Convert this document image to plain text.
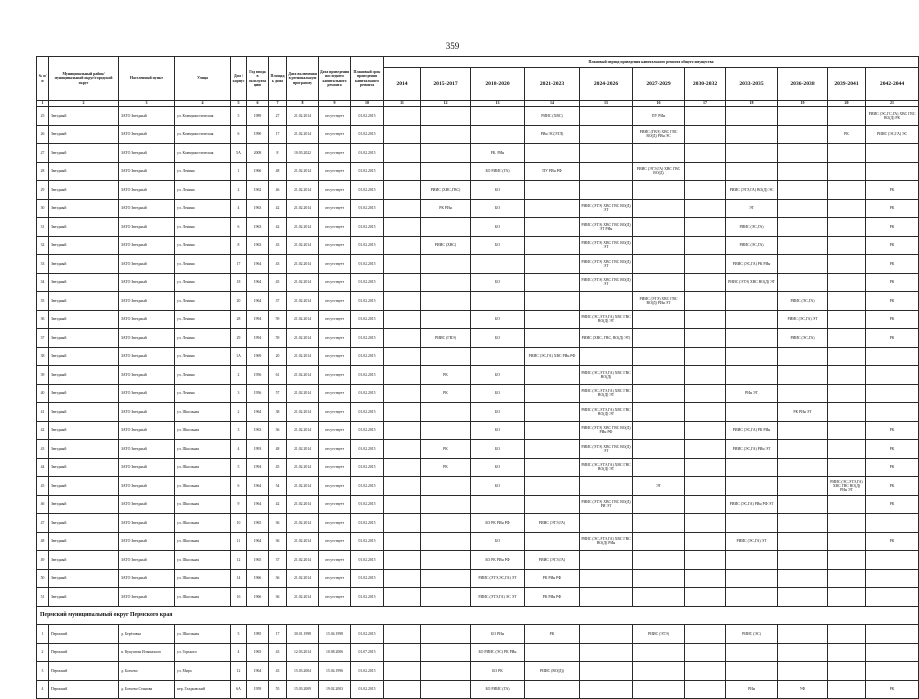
359
№ п/п	Муниципальный район/муниципальный округ/городской округ	Населенный пункт	Улица	Дом / корпус	Год ввода в эксплуатацию	Площадь дома	Дата включения в региональную программу	Дата проведения последнего капитального ремонта	Плановый срок проведения капитального ремонта	Плановый период проведения капитального ремонта общего имущества										
										2014	2015-2017	2018-2020	2021-2023	2024-2026	2027-2029	2030-2032	2033-2035	2036-2038	2039-2041	2042-2044
1	2	3	4	5	6	7	8	9	10	11	12	13	14	15	16	17	18	19	20	21
25	Звездный	ЗАТО Звездный	ул. Коммунистическая	5	1989	27	21.02.2014	отсутствует	01.02.2015				РИИС (ХВС)		ПУ РИн					РИИС (ЭС,ГС,ГА) ХВС ГВС ВО(Д) РК
26	Звездный	ЗАТО Звездный	ул. Коммунистическая	6	1990	17	21.02.2014	отсутствует	01.02.2015				РИн ЭС(ЭТЛ)		РИИС (ГВЭ) ХВС ГВС ВО(Д) РИн ЭС				РК	РИИС (ЭС,ГА) ЭС
27	Звездный	ЗАТО Звездный	ул. Коммунистическая	5А	2008	8	10.03.2022	отсутствует	01.02.2015			РК. РИн								
28	Звездный	ЗАТО Звездный	ул. Ленина	1	1966	48	21.02.2014	отсутствует	01.02.2015			БО РИИС (ГА)	ПУ РИн РФ		РИИС (ЭТЭ,ГА) ХВС ГВС ВО(Д)					
29	Звездный	ЗАТО Звездный	ул. Ленина	2	1962	46	21.02.2014	отсутствует	01.02.2015		РИИС (ХВС,ГВС)	БО					РИИС (ЭТЭ,ГА) ВО(Д) ЭС			РК
30	Звездный	ЗАТО Звездный	ул. Ленина	4	1963	42	21.02.2014	отсутствует	01.02.2015		РК РИн	БО		РИИС (ЭТЭ) ХВС ГВС ВО(Д) ЭТ			ЭТ			РК
31	Звездный	ЗАТО Звездный	ул. Ленина	6	1963	42	21.02.2014	отсутствует	01.02.2015			БО		РИИС (ЭТЭ) ХВС ГВС ВО(Д) ЭТ РИн			РИИС (ЭС,ГА)			РК
32	Звездный	ЗАТО Звездный	ул. Ленина	8	1963	43	21.02.2014	отсутствует	01.02.2015		РИИС (ХВС)	БО		РИИС (ЭТЭ) ХВС ГВС ВО(Д) ЭТ			РИИС (ЭС,ГА)			РК
33	Звездный	ЗАТО Звездный	ул. Ленина	17	1964	43	21.02.2014	отсутствует	01.02.2015					РИИС (ЭТЭ) ХВС ГВС ВО(Д) ЭТ			РИИС (ЭС,ГА) РК РИн			РК
34	Звездный	ЗАТО Звездный	ул. Ленина	18	1964	45	21.02.2014	отсутствует	01.02.2015			БО		РИИС (ЭТЭ) ХВС ГВС ВО(Д) ЭТ			РИИС (ЭТЭ) ХВС ВО(Д) ЭТ			РК
35	Звездный	ЗАТО Звездный	ул. Ленина	20	1964	37	21.02.2014	отсутствует	01.02.2015						РИИС (ЭТЭ) ХВС ГВС ВО(Д) РИн ЭТ			РИИС (ЭС,ГА)		РК
36	Звездный	ЗАТО Звездный	ул. Ленина	28	1994	59	21.02.2014	отсутствует	01.02.2015			БО		РИИС (ЭС,ЭТЭ,ГА) ХВС ГВС ВО(Д) ЭТ				РИИС (ЭС,ГА) ЭТ		РК
37	Звездный	ЗАТО Звездный	ул. Ленина	29	1994	59	21.02.2014	отсутствует	01.02.2015		РИИС (ГВЭ)	БО		РИИС (ХВС, ГВС, ВО(Д) ЭТ)				РИИС (ЭС,ГА)		РК
38	Звездный	ЗАТО Звездный	ул. Ленина	1А	1969	20	21.02.2014	отсутствует	01.02.2015				РИИС (ЭС,ГА) ХВС РИн РФ							
39	Звездный	ЗАТО Звездный	ул. Ленина	2	1956	61	21.02.2014	отсутствует	01.02.2015		РК	БО		РИИС (ЭС,ЭТЭ,ГА) ХВС ГВС ВО(Д)						
40	Звездный	ЗАТО Звездный	ул. Ленина	3	1956	57	21.02.2014	отсутствует	01.02.2015		РК	БО		РИИС (ЭС,ЭТЭ,ГА) ХВС ГВС ВО(Д) ЭТ			РИн ЭТ			
41	Звездный	ЗАТО Звездный	ул. Школьная	2	1964	38	21.02.2014	отсутствует	01.02.2015			БО		РИИС (ЭС,ЭТЭ,ГА) ХВС ГВС ВО(Д) ЭТ				РК РИн ЭТ		
42	Звездный	ЗАТО Звездный	ул. Школьная	3	1963	36	21.02.2014	отсутствует	01.02.2015			БО		РИИС (ЭТЭ) ХВС ГВС ВО(Д) РИн РФ			РИИС (ЭС,ГА) РК РИн			РК
43	Звездный	ЗАТО Звездный	ул. Школьная	4	1993	48	21.02.2014	отсутствует	01.02.2015		РК	БО		РИИС (ЭТЭ) ХВС ГВС ВО(Д) ЭТ			РИИС (ЭС,ГА) РИн ЭТ			РК
44	Звездный	ЗАТО Звездный	ул. Школьная	5	1994	45	21.02.2014	отсутствует	01.02.2015		РК	БО		РИИС (ЭС,ЭТЭ,ГА) ХВС ГВС ВО(Д) ЭТ						РК
45	Звездный	ЗАТО Звездный	ул. Школьная	6	1964	54	21.02.2014	отсутствует	01.02.2015			БО			ЭТ				РИИС (ЭС,ЭТЭ,ГА) ХВС ГВС ВО(Д) РИн ЭТ	РК
46	Звездный	ЗАТО Звездный	ул. Школьная	9	1964	42	21.02.2014	отсутствует	01.02.2015					РИИС (ЭТЭ) ХВС ГВС ВО(Д) РИ ЭТ			РИИС (ЭС,ГА) РИн РФ ЭТ			РК
47	Звездный	ЗАТО Звездный	ул. Школьная	10	1965	36	21.02.2014	отсутствует	01.02.2015			БО РК РИн РФ	РИИС (ЭТЭ,ГА)							
48	Звездный	ЗАТО Звездный	ул. Школьная	11	1964	36	21.02.2014	отсутствует	01.02.2015			БО		РИИС (ЭС,ЭТЭ,ГА) ХВС ГВС ВО(Д) РИн			РИИС (ЭС,ГА) ЭТ			РК
49	Звездный	ЗАТО Звездный	ул. Школьная	12	1965	37	21.02.2014	отсутствует	01.02.2015			БО РК РИн РФ	РИИС (ЭТЭ,ГА)							
50	Звездный	ЗАТО Звездный	ул. Школьная	14	1966	36	21.02.2014	отсутствует	01.02.2015			РИИС (ЭТЭ,ЭС,ГА) ЭТ	РК РИн РФ							
51	Звездный	ЗАТО Звездный	ул. Школьная	16	1966	36	21.02.2014	отсутствует	01.02.2015			РИИС (ЭТЭ,ГА) ЭС ЭТ	РК РИн РФ							
Пермский муниципальный округ Пермского края																				
1	Пермский	д. Берёзовка	ул. Школьная	5	1985	17	30.01.1998	15.04.1998	01.02.2015			БО РИн	РК		РИИС (ЭТЭ)		РИИС (ЭС)			
2	Пермский	п. Кукуштан Ильинского	ул. Горького	4	1965	43	12.03.2014	10.08.2006	01.07.2015			БО РИИС (ЭС) РК РИн								
3	Пермский	д. Ботьево	ул. Мира	12	1964	43	15.03.2004	15.04.1996	01.02.2015			БО РК	РИИС (ВО(Д))							
4	Пермский	д. Ботьево Сеннова	пер. Гладковский	6А	1959	55	15.03.2009	19.02.2003	01.02.2015			БО РИИС (ГА)					РИн	УФ		РК
